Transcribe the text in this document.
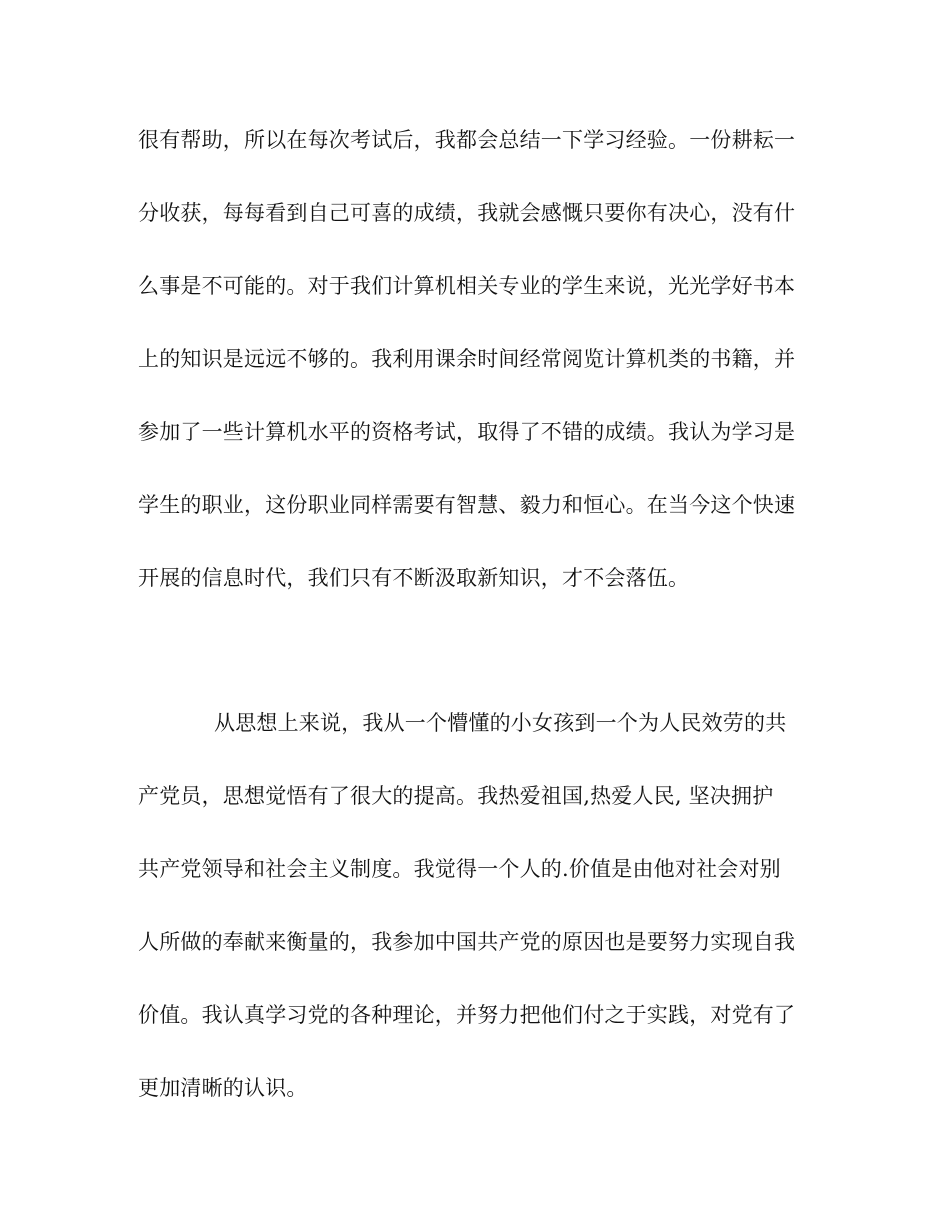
很有帮助，所以在每次考试后，我都会总结一下学习经验。一份耕耘一
分收获，每每看到自己可喜的成绩，我就会感慨只要你有决心，没有什
么事是不可能的。对于我们计算机相关专业的学生来说，光光学好书本
上的知识是远远不够的。我利用课余时间经常阅览计算机类的书籍，并
参加了一些计算机水平的资格考试，取得了不错的成绩。我认为学习是
学生的职业，这份职业同样需要有智慧、毅力和恒心。在当今这个快速
开展的信息时代，我们只有不断汲取新知识，才不会落伍。
从思想上来说，我从一个懵懂的小女孩到一个为人民效劳的共
产党员，思想觉悟有了很大的提高。我热爱祖国,热爱人民, 坚决拥护
共产党领导和社会主义制度。我觉得一个人的.价值是由他对社会对别
人所做的奉献来衡量的，我参加中国共产党的原因也是要努力实现自我
价值。我认真学习党的各种理论，并努力把他们付之于实践，对党有了
更加清晰的认识。
